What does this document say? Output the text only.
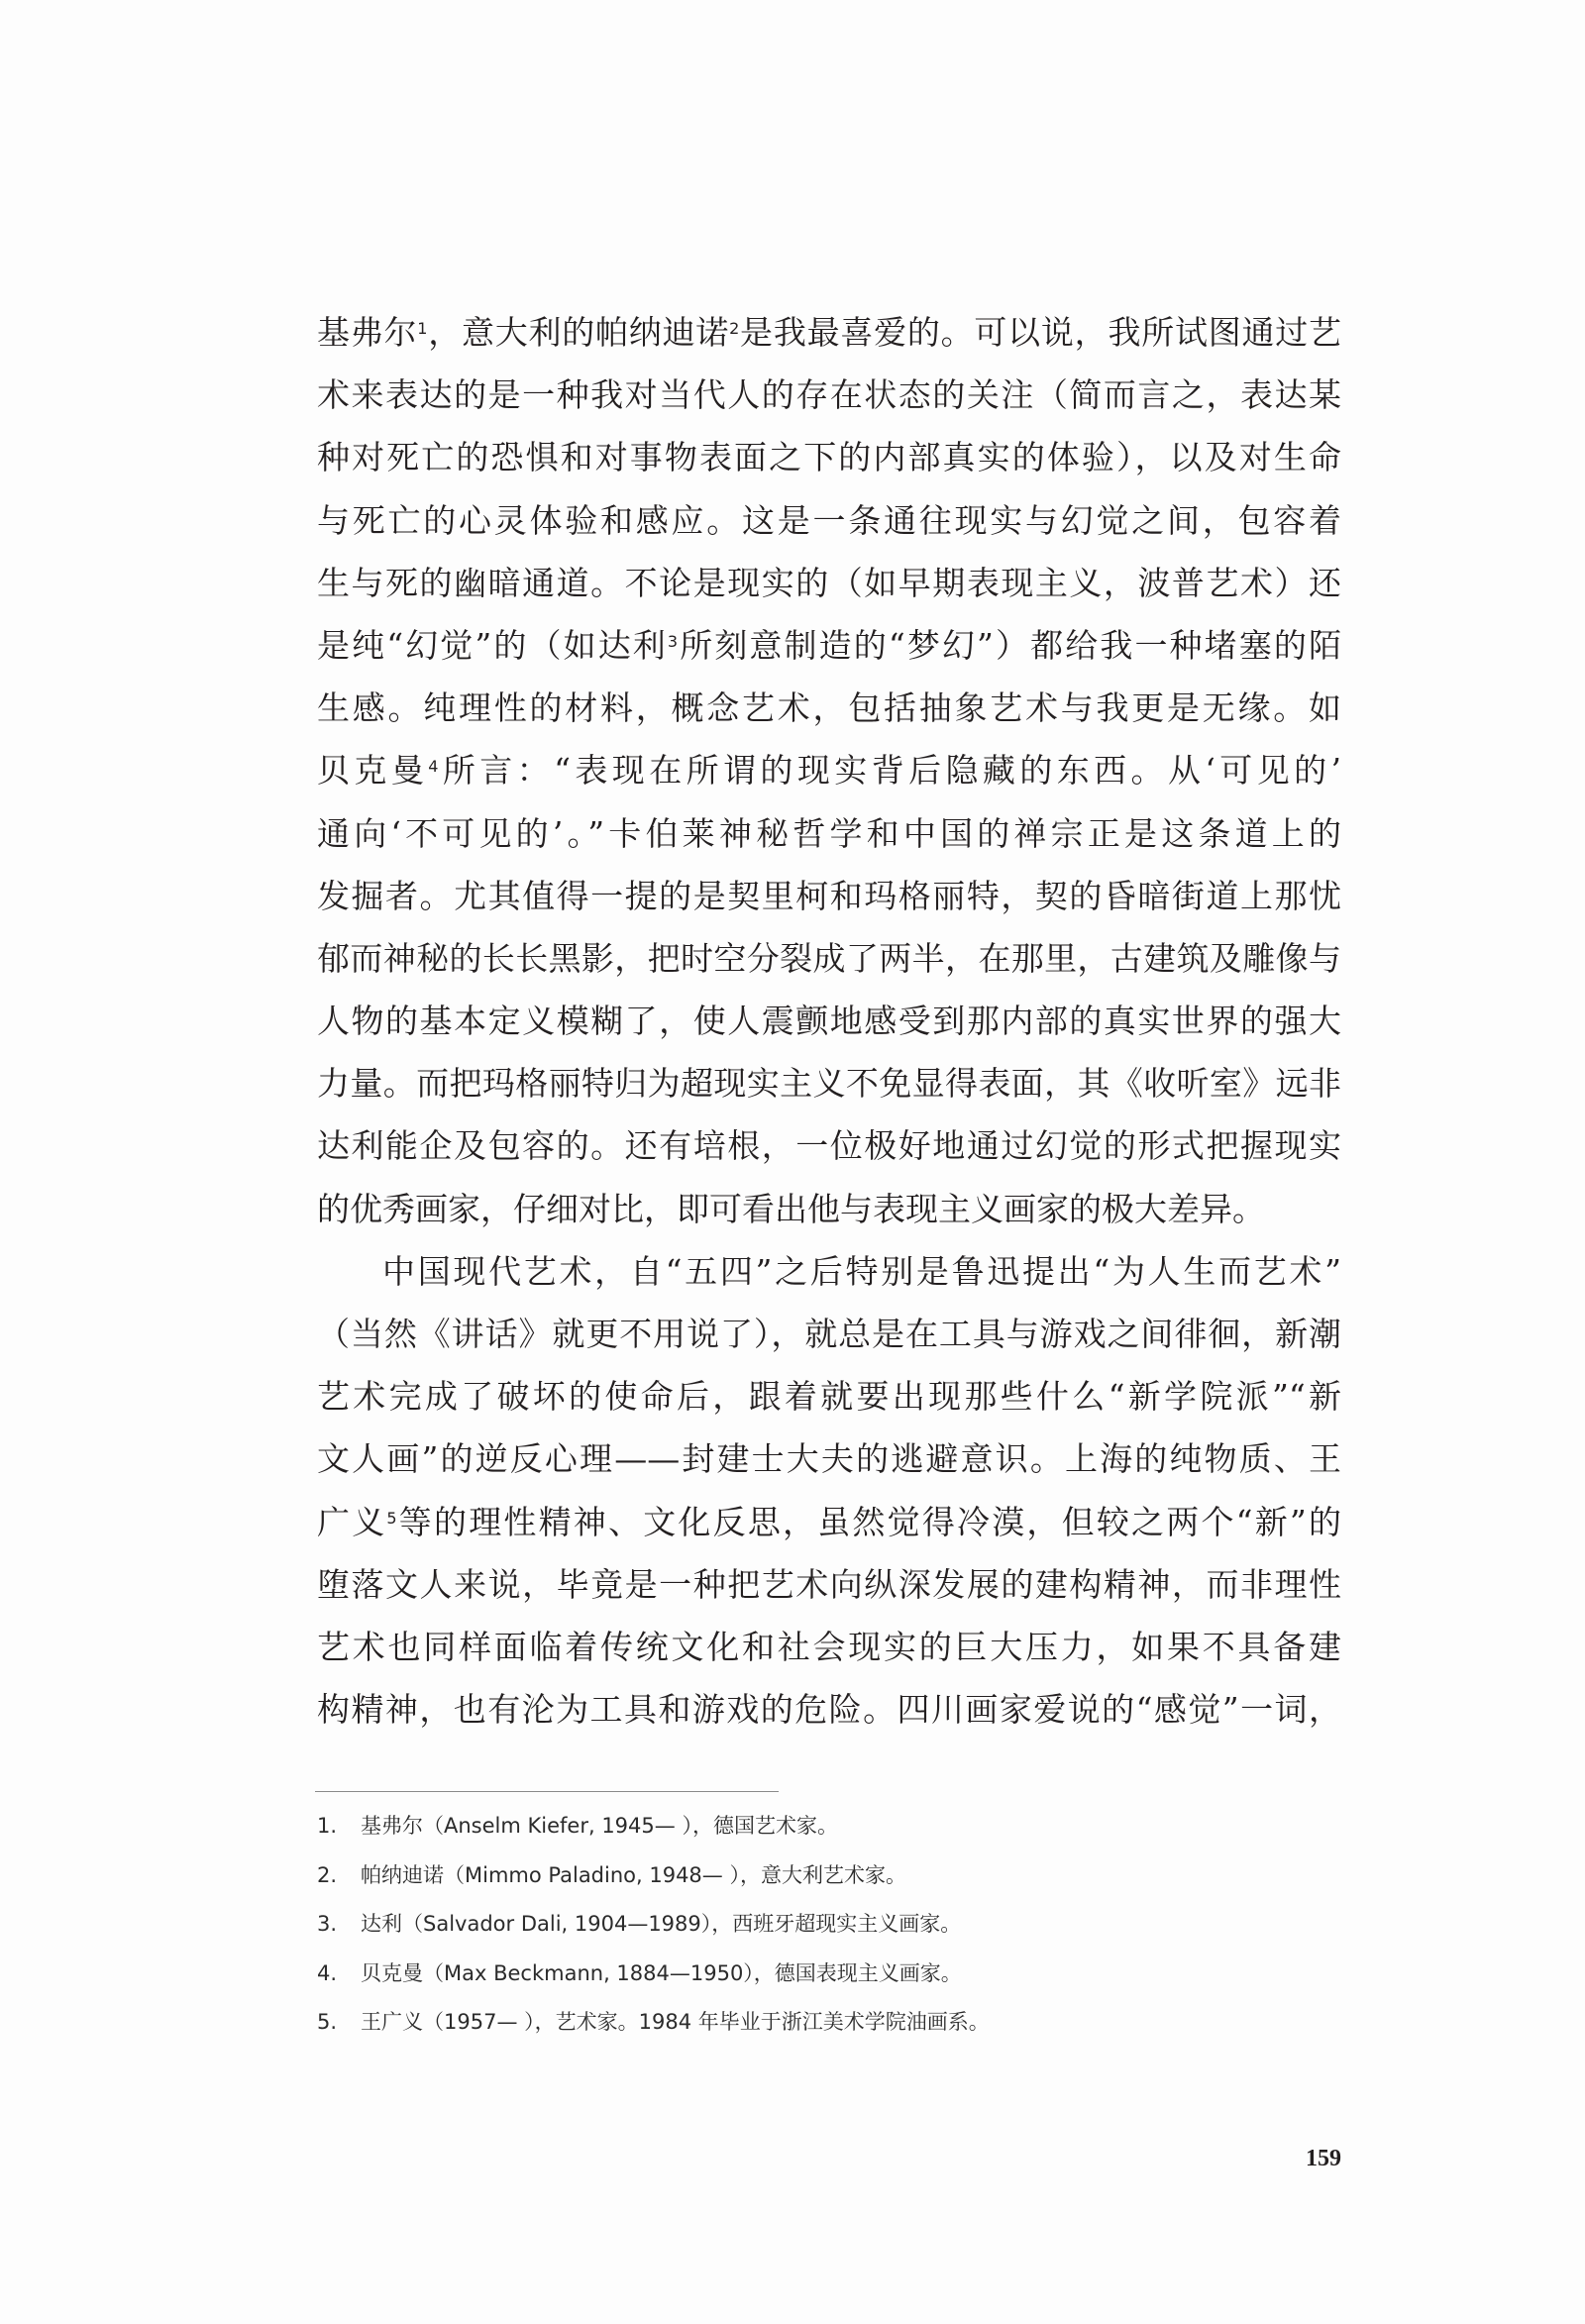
基弗尔$^1$，意大利的帕纳迪诺$^2$是我最喜爱的。可以说，我所试图通过艺
术来表达的是一种我对当代人的存在状态的关注（简而言之，表达某
种对死亡的恐惧和对事物表面之下的内部真实的体验），以及对生命
与死亡的心灵体验和感应。这是一条通往现实与幻觉之间，包容着
生与死的幽暗通道。不论是现实的（如早期表现主义，波普艺术）还
是纯“幻觉”的（如达利$^3$所刻意制造的“梦幻”）都给我一种堵塞的陌
生感。纯理性的材料，概念艺术，包括抽象艺术与我更是无缘。如
贝克曼$^4$所言：“表现在所谓的现实背后隐藏的东西。从‘可见的’
通向‘不可见的’。”卡伯莱神秘哲学和中国的禅宗正是这条道上的
发掘者。尤其值得一提的是契里柯和玛格丽特，契的昏暗街道上那忧
郁而神秘的长长黑影，把时空分裂成了两半，在那里，古建筑及雕像与
人物的基本定义模糊了，使人震颤地感受到那内部的真实世界的强大
力量。而把玛格丽特归为超现实主义不免显得表面，其《收听室》远非
达利能企及包容的。还有培根，一位极好地通过幻觉的形式把握现实
的优秀画家，仔细对比，即可看出他与表现主义画家的极大差异。
中国现代艺术，自“五四”之后特别是鲁迅提出“为人生而艺术”
（当然《讲话》就更不用说了），就总是在工具与游戏之间徘徊，新潮
艺术完成了破坏的使命后，跟着就要出现那些什么“新学院派”“新
文人画”的逆反心理——封建士大夫的逃避意识。上海的纯物质、王
广义$^5$等的理性精神、文化反思，虽然觉得冷漠，但较之两个“新”的
堕落文人来说，毕竟是一种把艺术向纵深发展的建构精神，而非理性
艺术也同样面临着传统文化和社会现实的巨大压力，如果不具备建
构精神，也有沦为工具和游戏的危险。四川画家爱说的“感觉”一词，
1.	基弗尔（Anselm Kiefer, 1945— ），德国艺术家。
2.	帕纳迪诺（Mimmo Paladino, 1948— ），意大利艺术家。
3.	达利（Salvador Dali, 1904—1989），西班牙超现实主义画家。
4.	贝克曼（Max Beckmann, 1884—1950），德国表现主义画家。
5.	王广义（1957— ），艺术家。1984 年毕业于浙江美术学院油画系。
159
